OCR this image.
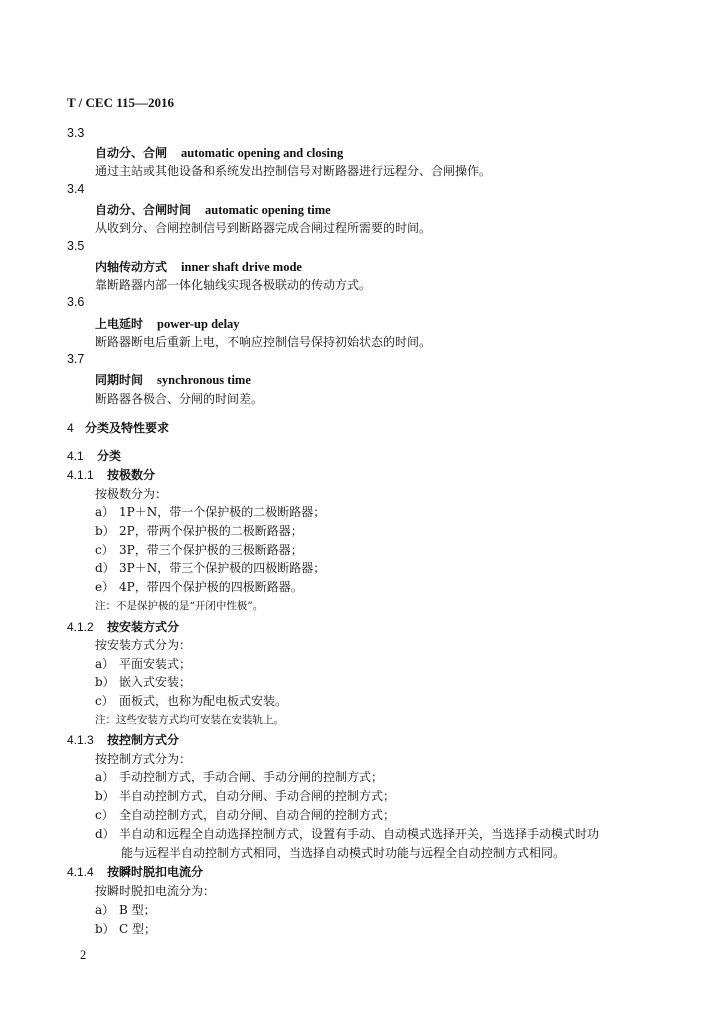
T / CEC 115—2016
3.3
自动分、合闸 automatic opening and closing
通过主站或其他设备和系统发出控制信号对断路器进行远程分、合闸操作。
3.4
自动分、合闸时间 automatic opening time
从收到分、合闸控制信号到断路器完成合闸过程所需要的时间。
3.5
内轴传动方式 inner shaft drive mode
靠断路器内部一体化轴线实现各极联动的传动方式。
3.6
上电延时 power-up delay
断路器断电后重新上电，不响应控制信号保持初始状态的时间。
3.7
同期时间 synchronous time
断路器各极合、分闸的时间差。
4 分类及特性要求
4.1 分类
4.1.1 按极数分
按极数分为：
a） 1P＋N，带一个保护极的二极断路器；
b） 2P，带两个保护极的二极断路器；
c） 3P，带三个保护极的三极断路器；
d） 3P＋N，带三个保护极的四极断路器；
e） 4P，带四个保护极的四极断路器。
注：不是保护极的是“开闭中性极”。
4.1.2 按安装方式分
按安装方式分为：
a） 平面安装式；
b） 嵌入式安装；
c） 面板式，也称为配电板式安装。
注：这些安装方式均可安装在安装轨上。
4.1.3 按控制方式分
按控制方式分为：
a） 手动控制方式，手动合闸、手动分闸的控制方式；
b） 半自动控制方式，自动分闸、手动合闸的控制方式；
c） 全自动控制方式，自动分闸、自动合闸的控制方式；
d） 半自动和远程全自动选择控制方式，设置有手动、自动模式选择开关，当选择手动模式时功
能与远程半自动控制方式相同，当选择自动模式时功能与远程全自动控制方式相同。
4.1.4 按瞬时脱扣电流分
按瞬时脱扣电流分为：
a） B 型；
b） C 型；
2
